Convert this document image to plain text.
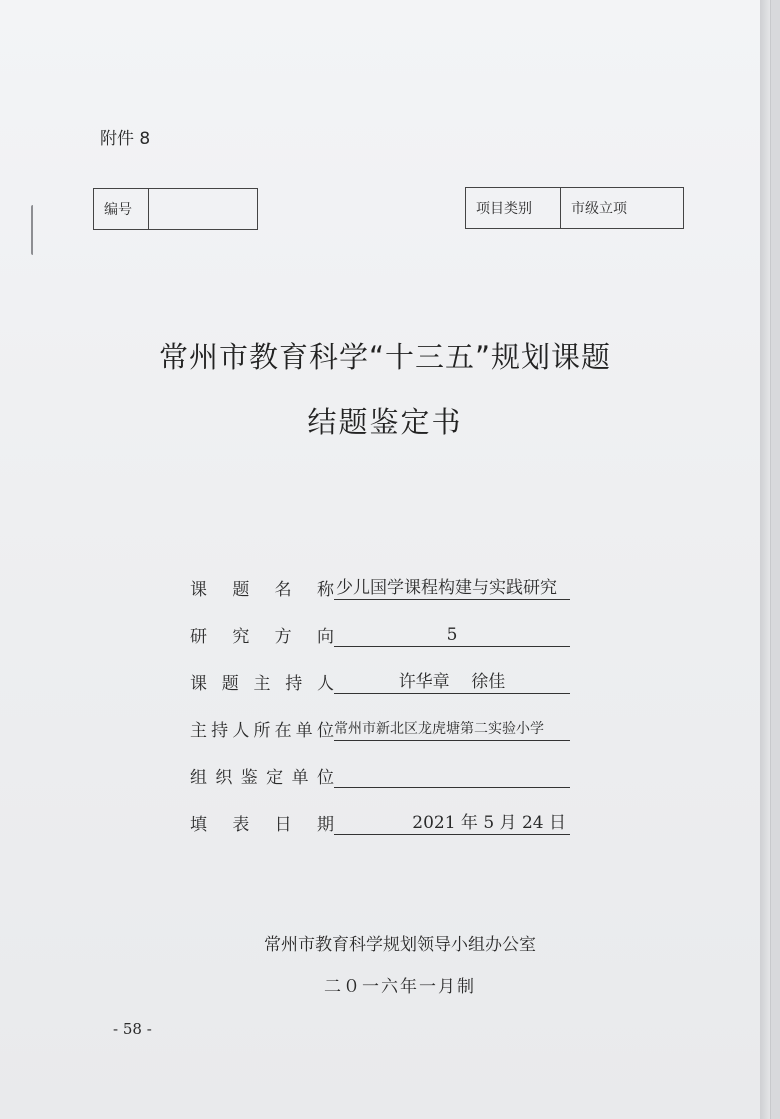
附件 8
编号		项目类别	市级立项
常州市教育科学“十三五”规划课题
结题鉴定书
课 题 名 称 少儿国学课程构建与实践研究
研 究 方 向	5
课 题 主 持 人	许华章    徐佳
主 持 人 所 在 单 位 常州市新北区龙虎塘第二实验小学
组 织 鉴 定 单 位
填 表 日 期	2021 年 5 月 24 日
常州市教育科学规划领导小组办公室
二０一六年一月制
- 58 -
